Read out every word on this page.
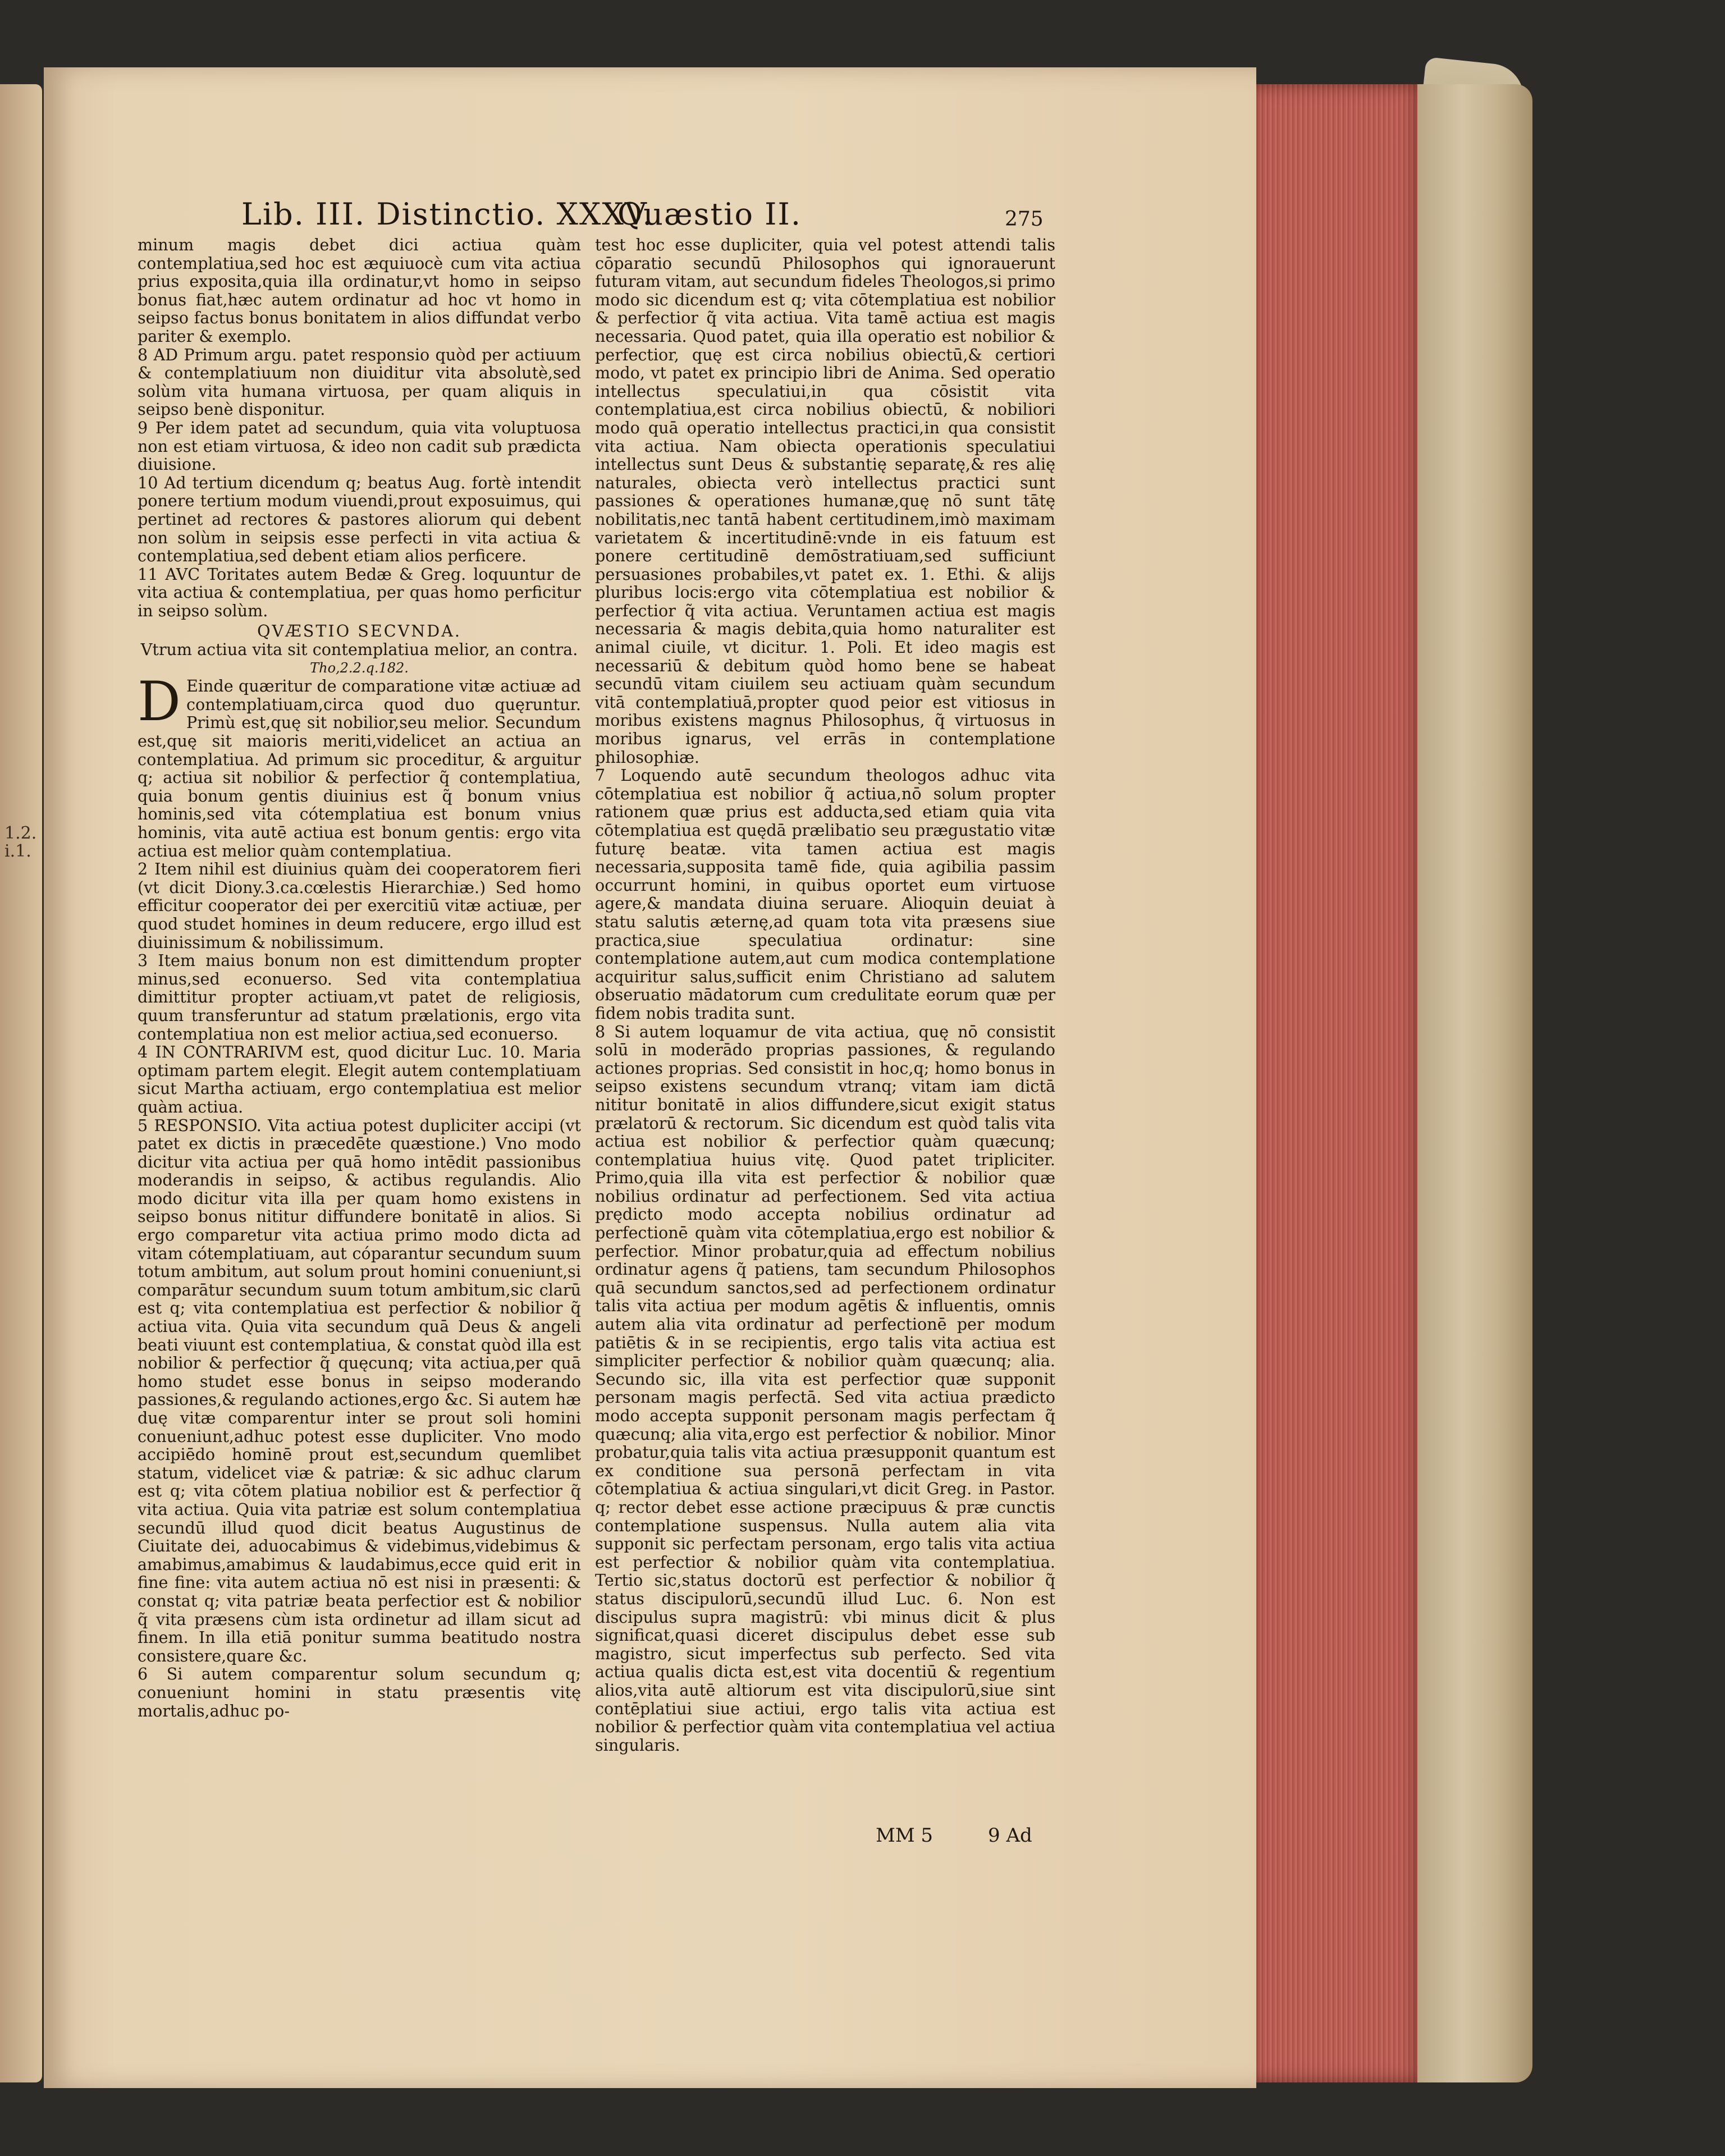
1.2.
i.1.
Lib. III. Distinctio. XXXV.
Quæstio II.	275

minum magis debet dici actiua quàm contemplatiua,sed hoc est æquiuocè cum vita actiua prius exposita,quia illa ordinatur,vt homo in seipso bonus fiat,hæc autem ordinatur ad hoc vt homo in seipso factus bonus bonitatem in alios diffundat verbo pariter & exemplo.

8 AD Primum argu. patet responsio quòd per actiuum & contemplatiuum non diuiditur vita absolutè,sed solùm vita humana virtuosa, per quam aliquis in seipso benè disponitur.

9 Per idem patet ad secundum, quia vita voluptuosa non est etiam virtuosa, & ideo non cadit sub prædicta diuisione.

10 Ad tertium dicendum q; beatus Aug. fortè intendit ponere tertium modum viuendi,prout exposuimus, qui pertinet ad rectores & pastores aliorum qui debent non solùm in seipsis esse perfecti in vita actiua & contemplatiua,sed debent etiam alios perficere.

11 AVC Toritates autem Bedæ & Greg. loquuntur de vita actiua & contemplatiua, per quas homo perficitur in seipso solùm.

QVÆSTIO SECVNDA.

Vtrum actiua vita sit contemplatiua melior, an contra.

Tho,2.2.q.182.

D Einde quæritur de comparatione vitæ actiuæ ad contemplatiuam,circa quod duo quęruntur. Primù est,quę sit nobilior,seu melior. Secundum est,quę sit maioris meriti,videlicet an actiua an contemplatiua. Ad primum sic proceditur, & arguitur q; actiua sit nobilior & perfectior q̃ contemplatiua, quia bonum gentis diuinius est q̃ bonum vnius hominis,sed vita cótemplatiua est bonum vnius hominis, vita autē actiua est bonum gentis: ergo vita actiua est melior quàm contemplatiua.

2 Item nihil est diuinius quàm dei cooperatorem fieri (vt dicit Diony.3.ca.cœlestis Hierarchiæ.) Sed homo efficitur cooperator dei per exercitiū vitæ actiuæ, per quod studet homines in deum reducere, ergo illud est diuinissimum & nobilissimum.

3 Item maius bonum non est dimittendum propter minus,sed econuerso. Sed vita contemplatiua dimittitur propter actiuam,vt patet de religiosis, quum transferuntur ad statum prælationis, ergo vita contemplatiua non est melior actiua,sed econuerso.

4 IN CONTRARIVM est, quod dicitur Luc. 10. Maria optimam partem elegit. Elegit autem contemplatiuam sicut Martha actiuam, ergo contemplatiua est melior quàm actiua.

5 RESPONSIO. Vita actiua potest dupliciter accipi (vt patet ex dictis in præcedēte quæstione.) Vno modo dicitur vita actiua per quā homo intēdit passionibus moderandis in seipso, & actibus regulandis. Alio modo dicitur vita illa per quam homo existens in seipso bonus nititur diffundere bonitatē in alios. Si ergo comparetur vita actiua primo modo dicta ad vitam cótemplatiuam, aut cóparantur secundum suum totum ambitum, aut solum prout homini conueniunt,si comparātur secundum suum totum ambitum,sic clarū est q; vita contemplatiua est perfectior & nobilior q̃ actiua vita. Quia vita secundum quā Deus & angeli beati viuunt est contemplatiua, & constat quòd illa est nobilior & perfectior q̃ quęcunq; vita actiua,per quā homo studet esse bonus in seipso moderando passiones,& regulando actiones,ergo &c. Si autem hæ duę vitæ comparentur inter se prout soli homini conueniunt,adhuc potest esse dupliciter. Vno modo accipiēdo hominē prout est,secundum quemlibet statum, videlicet viæ & patriæ: & sic adhuc clarum est q; vita cōtem platiua nobilior est & perfectior q̃ vita actiua. Quia vita patriæ est solum contemplatiua secundū illud quod dicit beatus Augustinus de Ciuitate dei, aduocabimus & videbimus,videbimus & amabimus,amabimus & laudabimus,ecce quid erit in fine fine: vita autem actiua nō est nisi in præsenti: & constat q; vita patriæ beata perfectior est & nobilior q̃ vita præsens cùm ista ordinetur ad illam sicut ad finem. In illa etiā ponitur summa beatitudo nostra consistere,quare &c.

6 Si autem comparentur solum secundum q; conueniunt homini in statu præsentis vitę mortalis,adhuc po-

test hoc esse dupliciter, quia vel potest attendi talis cōparatio secundū Philosophos qui ignorauerunt futuram vitam, aut secundum fideles Theologos,si primo modo sic dicendum est q; vita cōtemplatiua est nobilior & perfectior q̃ vita actiua. Vita tamē actiua est magis necessaria. Quod patet, quia illa operatio est nobilior & perfectior, quę est circa nobilius obiectū,& certiori modo, vt patet ex principio libri de Anima. Sed operatio intellectus speculatiui,in qua cōsistit vita contemplatiua,est circa nobilius obiectū, & nobiliori modo quā operatio intellectus practici,in qua consistit vita actiua. Nam obiecta operationis speculatiui intellectus sunt Deus & substantię separatę,& res alię naturales, obiecta verò intellectus practici sunt passiones & operationes humanæ,quę nō sunt tātę nobilitatis,nec tantā habent certitudinem,imò maximam varietatem & incertitudinē:vnde in eis fatuum est ponere certitudinē demōstratiuam,sed sufficiunt persuasiones probabiles,vt patet ex. 1. Ethi. & alijs pluribus locis:ergo vita cōtemplatiua est nobilior & perfectior q̃ vita actiua. Veruntamen actiua est magis necessaria & magis debita,quia homo naturaliter est animal ciuile, vt dicitur. 1. Poli. Et ideo magis est necessariū & debitum quòd homo bene se habeat secundū vitam ciuilem seu actiuam quàm secundum vitā contemplatiuā,propter quod peior est vitiosus in moribus existens magnus Philosophus, q̃ virtuosus in moribus ignarus, vel errās in contemplatione philosophiæ.

7 Loquendo autē secundum theologos adhuc vita cōtemplatiua est nobilior q̃ actiua,nō solum propter rationem quæ prius est adducta,sed etiam quia vita cōtemplatiua est quędā prælibatio seu prægustatio vitæ futurę beatæ. vita tamen actiua est magis necessaria,supposita tamē fide, quia agibilia passim occurrunt homini, in quibus oportet eum virtuose agere,& mandata diuina seruare. Alioquin deuiat à statu salutis æternę,ad quam tota vita præsens siue practica,siue speculatiua ordinatur: sine contemplatione autem,aut cum modica contemplatione acquiritur salus,sufficit enim Christiano ad salutem obseruatio mādatorum cum credulitate eorum quæ per fidem nobis tradita sunt.

8 Si autem loquamur de vita actiua, quę nō consistit solū in moderādo proprias passiones, & regulando actiones proprias. Sed consistit in hoc,q; homo bonus in seipso existens secundum vtranq; vitam iam dictā nititur bonitatē in alios diffundere,sicut exigit status prælatorū & rectorum. Sic dicendum est quòd talis vita actiua est nobilior & perfectior quàm quæcunq; contemplatiua huius vitę. Quod patet tripliciter. Primo,quia illa vita est perfectior & nobilior quæ nobilius ordinatur ad perfectionem. Sed vita actiua prędicto modo accepta nobilius ordinatur ad perfectionē quàm vita cōtemplatiua,ergo est nobilior & perfectior. Minor probatur,quia ad effectum nobilius ordinatur agens q̃ patiens, tam secundum Philosophos quā secundum sanctos,sed ad perfectionem ordinatur talis vita actiua per modum agētis & influentis, omnis autem alia vita ordinatur ad perfectionē per modum patiētis & in se recipientis, ergo talis vita actiua est simpliciter perfectior & nobilior quàm quæcunq; alia. Secundo sic, illa vita est perfectior quæ supponit personam magis perfectā. Sed vita actiua prædicto modo accepta supponit personam magis perfectam q̃ quæcunq; alia vita,ergo est perfectior & nobilior. Minor probatur,quia talis vita actiua præsupponit quantum est ex conditione sua personā perfectam in vita cōtemplatiua & actiua singulari,vt dicit Greg. in Pastor. q; rector debet esse actione præcipuus & præ cunctis contemplatione suspensus. Nulla autem alia vita supponit sic perfectam personam, ergo talis vita actiua est perfectior & nobilior quàm vita contemplatiua. Tertio sic,status doctorū est perfectior & nobilior q̃ status discipulorū,secundū illud Luc. 6. Non est discipulus supra magistrū: vbi minus dicit & plus significat,quasi diceret discipulus debet esse sub magistro, sicut imperfectus sub perfecto. Sed vita actiua qualis dicta est,est vita docentiū & regentium alios,vita autē altiorum est vita discipulorū,siue sint contēplatiui siue actiui, ergo talis vita actiua est nobilior & perfectior quàm vita contemplatiua vel actiua singularis.

MM 5	9 Ad
